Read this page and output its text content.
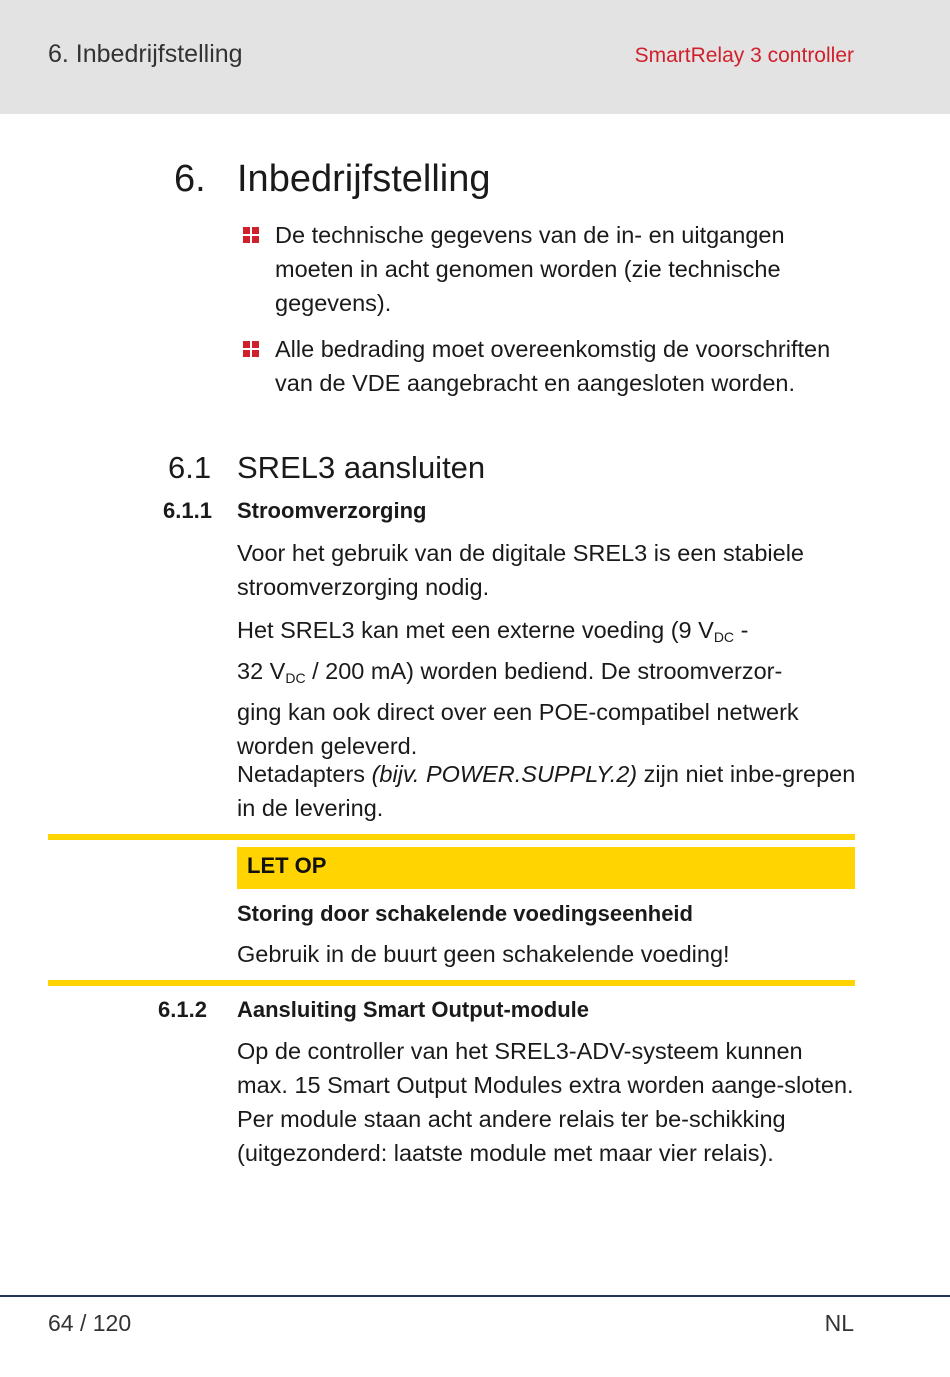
6. Inbedrijfstelling	SmartRelay 3 controller
6. Inbedrijfstelling
De technische gegevens van de in- en uitgangen moeten in acht genomen worden (zie technische gegevens).
Alle bedrading moet overeenkomstig de voorschriften van de VDE aangebracht en aangesloten worden.
6.1 SREL3 aansluiten
6.1.1 Stroomverzorging
Voor het gebruik van de digitale SREL3 is een stabiele stroomverzorging nodig.
Het SREL3 kan met een externe voeding (9 $V_{DC}$ -
32 $V_{DC} / 200$ mA) worden bediend. De stroomverzor-
ging kan ook direct over een POE-compatibel netwerk worden geleverd.
Netadapters (bijv. POWER.SUPPLY.2) zijn niet inbe-grepen in de levering.
LET OP
Storing door schakelende voedingseenheid
Gebruik in de buurt geen schakelende voeding!
6.1.2 Aansluiting Smart Output-module
Op de controller van het SREL3-ADV-systeem kunnen max. 15 Smart Output Modules extra worden aange-sloten. Per module staan acht andere relais ter be-schikking (uitgezonderd: laatste module met maar vier relais).
64 / 120	NL
